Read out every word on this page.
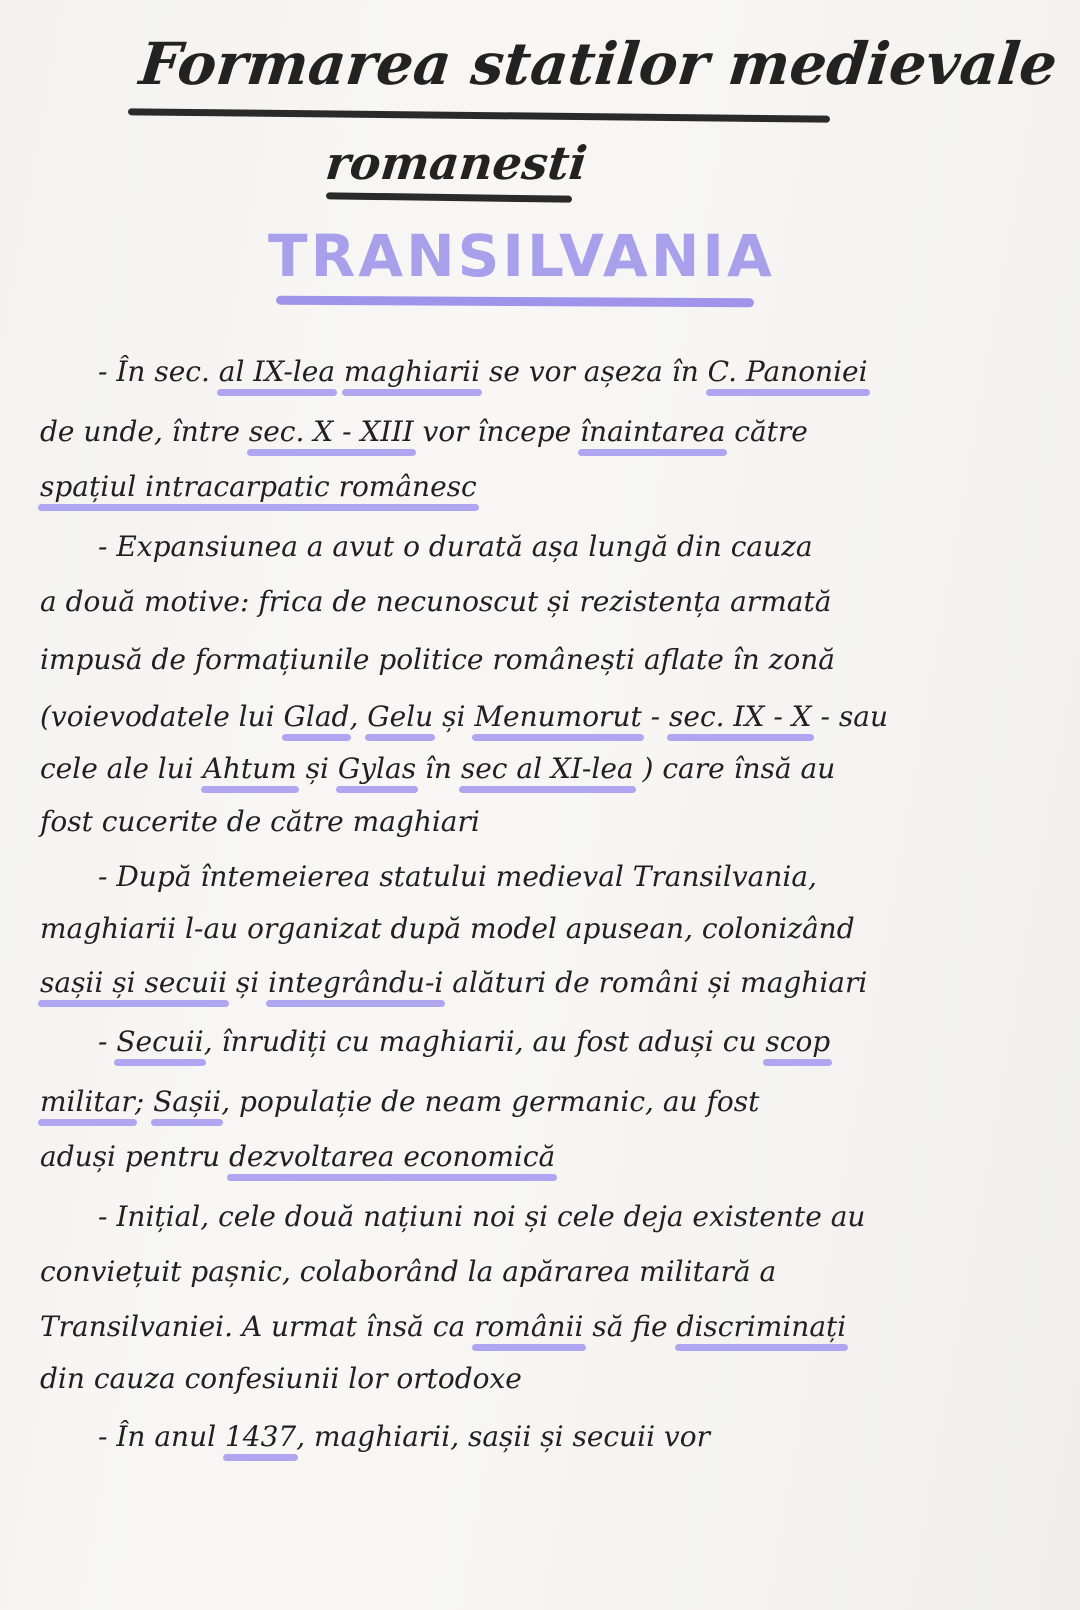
Formarea statilor medievale
romanesti
TRANSILVANIA
- În sec. al IX-lea maghiarii se vor așeza în C. Panoniei
de unde, între sec. X - XIII vor începe înaintarea către
spațiul intracarpatic românesc
- Expansiunea a avut o durată așa lungă din cauza
a două motive: frica de necunoscut și rezistența armată
impusă de formațiunile politice românești aflate în zonă
(voievodatele lui Glad, Gelu și Menumorut - sec. IX - X - sau
cele ale lui Ahtum și Gylas în sec al XI-lea ) care însă au
fost cucerite de către maghiari
- După întemeierea statului medieval Transilvania,
maghiarii l-au organizat după model apusean, colonizând
sașii și secuii și integrându-i alături de români și maghiari
- Secuii, înrudiți cu maghiarii, au fost aduși cu scop
militar; Sașii, populație de neam germanic, au fost
aduși pentru dezvoltarea economică
- Inițial, cele două națiuni noi și cele deja existente au
conviețuit pașnic, colaborând la apărarea militară a
Transilvaniei. A urmat însă ca românii să fie discriminați
din cauza confesiunii lor ortodoxe
- În anul 1437, maghiarii, sașii și secuii vor
